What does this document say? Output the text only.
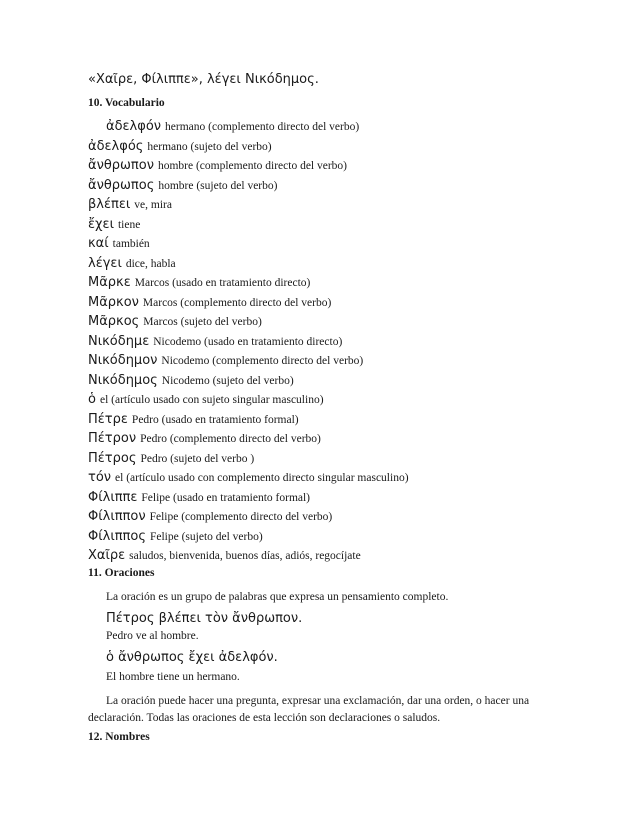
«Χαῖρε, Φίλιππε», λέγει Νικόδημος.
10. Vocabulario
ἀδελφόν hermano (complemento directo del verbo)
ἀδελφός hermano (sujeto del verbo)
ἄνθρωπον hombre (complemento directo del verbo)
ἄνθρωπος hombre (sujeto del verbo)
βλέπει ve, mira
ἔχει tiene
καί también
λέγει dice, habla
Μᾶρκε Marcos (usado en tratamiento directo)
Μᾶρκον Marcos (complemento directo del verbo)
Μᾶρκος Marcos (sujeto del verbo)
Νικόδημε Nicodemo (usado en tratamiento directo)
Νικόδημον Nicodemo (complemento directo del verbo)
Νικόδημος Nicodemo (sujeto del verbo)
ὁ el (artículo usado con sujeto singular masculino)
Πέτρε Pedro (usado en tratamiento formal)
Πέτρον Pedro (complemento directo del verbo)
Πέτρος Pedro (sujeto del verbo )
τόν el (artículo usado con complemento directo singular masculino)
Φίλιππε Felipe (usado en tratamiento formal)
Φίλιππον Felipe (complemento directo del verbo)
Φίλιππος Felipe (sujeto del verbo)
Χαῖρε saludos, bienvenida, buenos días, adiós, regocíjate
11. Oraciones
La oración es un grupo de palabras que expresa un pensamiento completo.
Πέτρος βλέπει τὸν ἄνθρωπον.
Pedro ve al hombre.
ὁ ἄνθρωπος ἔχει ἀδελφόν.
El hombre tiene un hermano.
La oración puede hacer una pregunta, expresar una exclamación, dar una orden, o hacer una declaración. Todas las oraciones de esta lección son declaraciones o saludos.
12. Nombres
